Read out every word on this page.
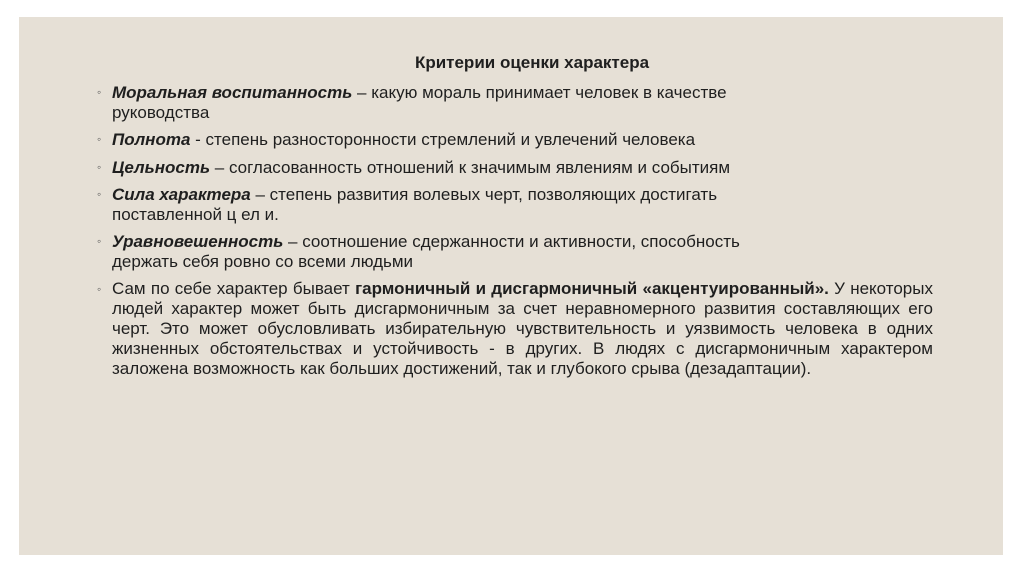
Критерии оценки характера
◦ Моральная воспитанность – какую мораль принимает человек в качестве руководства
◦ Полнота - степень разносторонности стремлений и увлечений человека
◦ Цельность – согласованность отношений к значимым явлениям и событиям
◦ Сила характера – степень развития волевых черт, позволяющих достигать поставленной ц ел и.
◦ Уравновешенность – соотношение сдержанности и активности, способность держать себя ровно со всеми людьми
◦ Сам по себе характер бывает гармоничный и дисгармоничный «акцентуированный». У некоторых людей характер может быть дисгармоничным за счет неравномерного развития составляющих его черт. Это может обусловливать избирательную чувствительность и уязвимость человека в одних жизненных обстоятельствах и устойчивость - в других. В людях с дисгармоничным характером заложена возможность как больших достижений, так и глубокого срыва (дезадаптации).
